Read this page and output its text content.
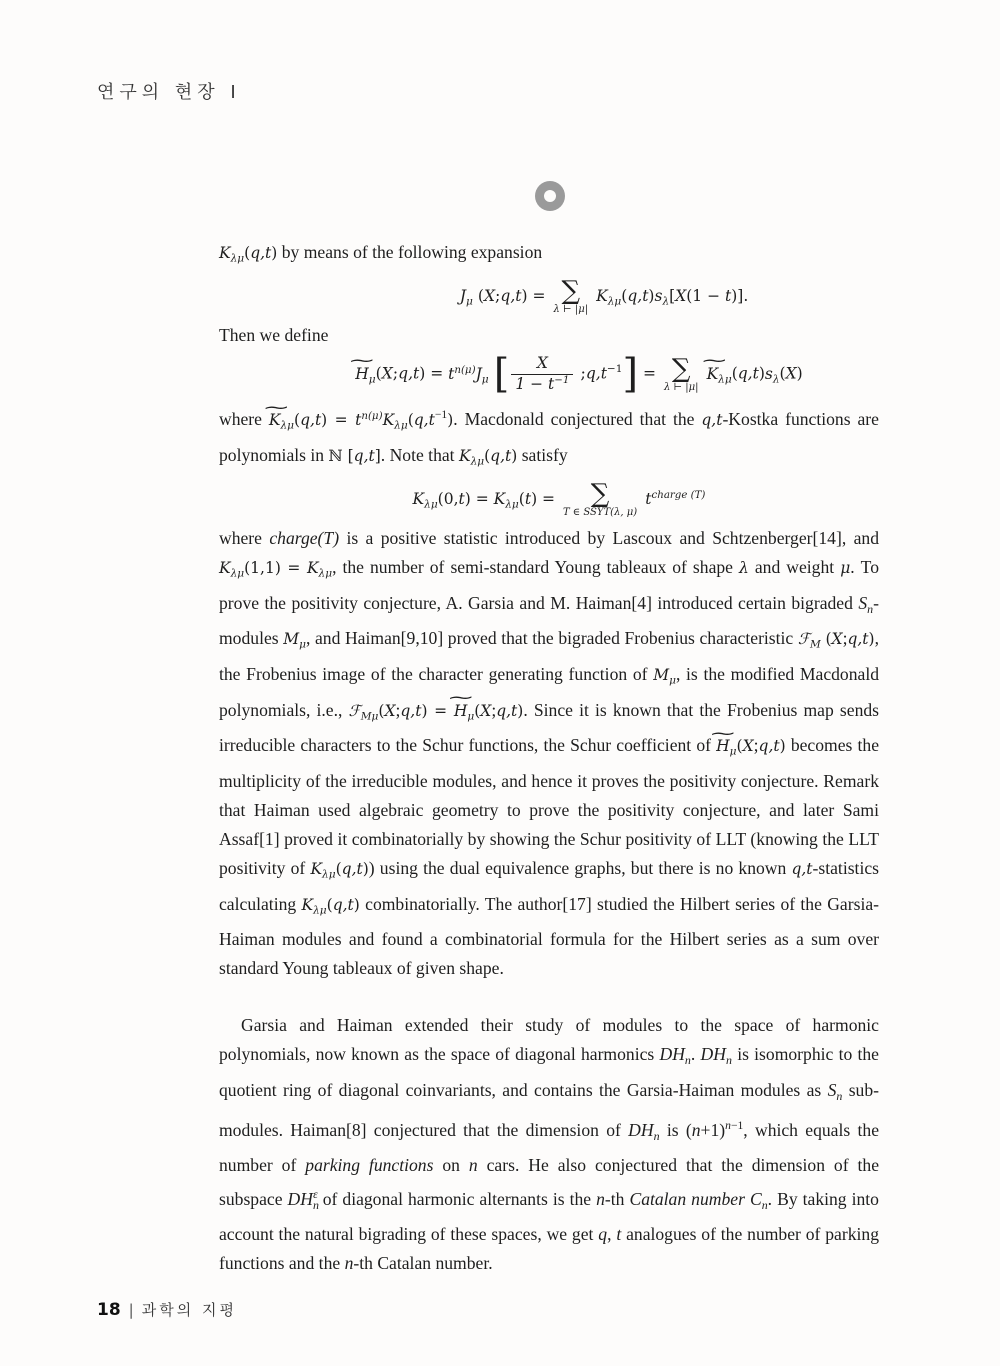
연구의 현장 I

$K_{\lambda\mu}(q,t)$ by means of the following expansion

$J_\mu$ (X;q,t) = ∑
λ ⊢ |μ|
$K_{\lambda\mu}(q,t)s_\lambda[X(1 - t)]$.

Then we define

~ $H_\mu(X;q,t) = t^{n(\mu)}J_\mu$ [ $\frac{X}{1 - t^{-1}}$ $;q,t^{-1}$] = ∑
λ ⊢ |μ|
~ $K_{\lambda\mu}(q,t)s_\lambda(X)$

where ~ $K_{\lambda\mu}(q,t) = t^{n(\mu)}K_{\lambda\mu}(q,t^{-1})$. Macdonald conjectured that the q,t-Kostka functions are polynomials in ℕ [q,t]. Note that $K_{\lambda\mu}(q,t)$ satisfy

$K_{\lambda\mu}(0,t) = K_{\lambda\mu}(t)$ =	∑
T ∈ SSYT(λ, μ)
$t^{charge (T)}$

where charge(T) is a positive statistic introduced by Lascoux and Schtzenberger[14], and $K_{\lambda\mu}(1,1) = K_{\lambda\mu}$, the number of semi-standard Young tableaux of shape λ and weight μ. To prove the positivity conjecture, A. Garsia and M. Haiman[4] introduced certain bigraded $S_n$-modules $M_\mu$, and Haiman[9,10] proved that the bigraded Frobenius characteristic ℱ$_M$ (X;q,t), the Frobenius image of the character generating function of $M_\mu$, is the modified Macdonald polynomials, i.e., ℱ$_{M\mu}$(X;q,t) = ~ $H_\mu(X;q,t)$. Since it is known that the Frobenius map sends irreducible characters to the Schur functions, the Schur coefficient of ~ $H_\mu(X;q,t)$ becomes the multiplicity of the irreducible modules, and hence it proves the positivity conjecture. Remark that Haiman used algebraic geometry to prove the positivity conjecture, and later Sami Assaf[1] proved it combinatorially by showing the Schur positivity of LLT (knowing the LLT positivity of $K_{\lambda\mu}(q,t)$) using the dual equivalence graphs, but there is no known q,t-statistics calculating $K_{\lambda\mu}(q,t)$ combinatorially. The author[17] studied the Hilbert series of the Garsia-Haiman modules and found a combinatorial formula for the Hilbert series as a sum over standard Young tableaux of given shape.

Garsia and Haiman extended their study of modules to the space of harmonic polynomials, now known as the space of diagonal harmonics $DH_n$. $DH_n$ is isomorphic to the quotient ring of diagonal coinvariants, and contains the Garsia-Haiman modules as $S_n$ sub-modules. Haiman[8] conjectured that the dimension of $DH_n$ is $(n+1)^{n-1}$, which equals the number of parking functions on n cars. He also conjectured that the dimension of the subspace $DH_n^\varepsilon$ of diagonal harmonic alternants is the n-th Catalan number $C_n$. By taking into account the natural bigrading of these spaces, we get q, t analogues of the number of parking functions and the n-th Catalan number.

18 | 과학의 지평
